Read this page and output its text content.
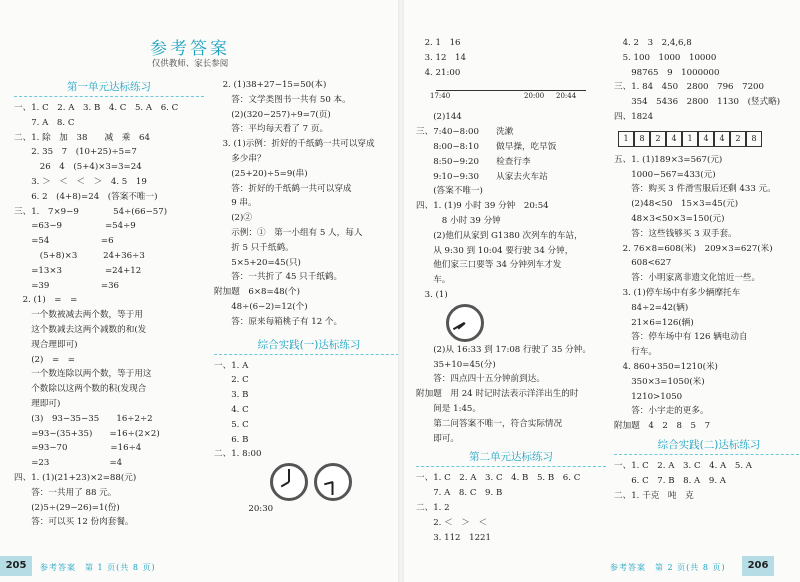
参考答案
仅供教师、家长参阅
第一单元达标练习
一、1. C　2. A　3. B　4. C　5. A　6. C
　　7. A　8. C
二、1. 除　加　38　　减　乘　64
　　2. 35　7　(10+25)÷5=7
　　　26　4　(5+4)×3=3=24
　　3. ＞　＜　＜　＞　4. 5　19
　　6. 2　(4+8)=24　(答案不唯一)
三、1.　7×9−9　　　　54÷(66−57)
　　=63−9　　　　　=54÷9
　　=54　　　　　　=6
　　　(5+8)×3　　　24+36÷3
　　=13×3　　　　　=24+12
　　=39　　　　　　=36
　2. (1)　=　=
　　一个数被减去两个数，等于用
　　这个数减去这两个减数的和(发
　　现合理即可)
　　(2)　=　=
　　一个数连除以两个数，等于用这
　　个数除以这两个数的积(发现合
　　理即可)
　　(3)　93−35−35　　16÷2÷2
　　=93−(35+35)　　=16÷(2×2)
　　=93−70　　　　　=16÷4
　　=23　　　　　　　=4
四、1. (1)(21+23)×2=88(元)
　　答：一共用了 88 元。
　　(2)5÷(29−26)=1(份)
　　答：可以买 12 份肉套餐。
　2. (1)38+27−15=50(本)
　　答：文学类图书一共有 50 本。
　　(2)(320−257)÷9=7(页)
　　答：平均每天看了 7 页。
　3. (1)示例：折好的千纸鹤一共可以穿成
　　多少串？
　　(25+20)÷5=9(串)
　　答：折好的千纸鹤一共可以穿成
　　9 串。
　　(2)②
　　示例：①　第一小组有 5 人，每人
　　折 5 只千纸鹤。
　　5×5+20=45(只)
　　答：一共折了 45 只千纸鹤。
附加题　6×8=48(个)
　　48÷(6−2)=12(个)
　　答：原来每箱桃子有 12 个。
综合实践(一)达标练习
一、1. A
　　2. C
　　3. B
　　4. C
　　5. C
　　6. B
二、1. 8:00
　　　　20:30
205	参考答案　第 1 页(共 8 页)
　2. 1　16
　3. 12　14
　4. 21:00
17:40	20:00 20:44
　　(2)144
三、7:40−8:00　　洗漱
　　8:00−8:10　　做早操，吃早饭
　　8:50−9:20　　检查行李
　　9:10−9:30　　从家去火车站
　　(答案不唯一)
四、1. (1)9 小时 39 分钟　20:54
　　　8 小时 39 分钟
　　(2)他们从家到 G1380 次列车的车站，
　　从 9:30 到 10:04 要行驶 34 分钟，
　　他们家三口要等 34 分钟列车才发
　　车。
　3. (1)
　　(2)从 16:33 到 17:08 行驶了 35 分钟。
　　35+10=45(分)
　　答：四点四十五分钟前到达。
附加题　用 24 时记时法表示洋洋出生的时
　　间是 1:45。
　　第二问答案不唯一，符合实际情况
　　即可。
第二单元达标练习
一、1. C　2. A　3. C　4. B　5. B　6. C
　　7. A　8. C　9. B
二、1. 2
　　2. ＜　＞　＜
　　3. 112　1221
　4. 2　3　2,4,6,8
　5. 100　1000　10000
　　98765　9　1000000
三、1. 84　450　2800　796　7200
　　354　5436　2800　1130　(竖式略)
四、1824
1	8	2	4	1	4	4	2	8
五、1. (1)189×3=567(元)
　　1000−567=433(元)
　　答：购买 3 件滑雪服后还剩 433 元。
　　(2)48<50　15×3=45(元)
　　48×3<50×3=150(元)
　　答：这些钱够买 3 双手套。
　2. 76×8=608(米)　209×3=627(米)
　　608<627
　　答：小明家离非遗文化馆近一些。
　3. (1)停车场中有多少辆摩托车
　　84÷2=42(辆)
　　21×6=126(辆)
　　答：停车场中有 126 辆电动自
　　行车。
　4. 860+350=1210(米)
　　350×3=1050(米)
　　1210>1050
　　答：小宇走的更多。
附加题　4　2　8　5　7
综合实践(二)达标练习
一、1. C　2. A　3. C　4. A　5. A
　　6. C　7. B　8. A　9. A
二、1. 千克　吨　克
参考答案　第 2 页(共 8 页)	206
